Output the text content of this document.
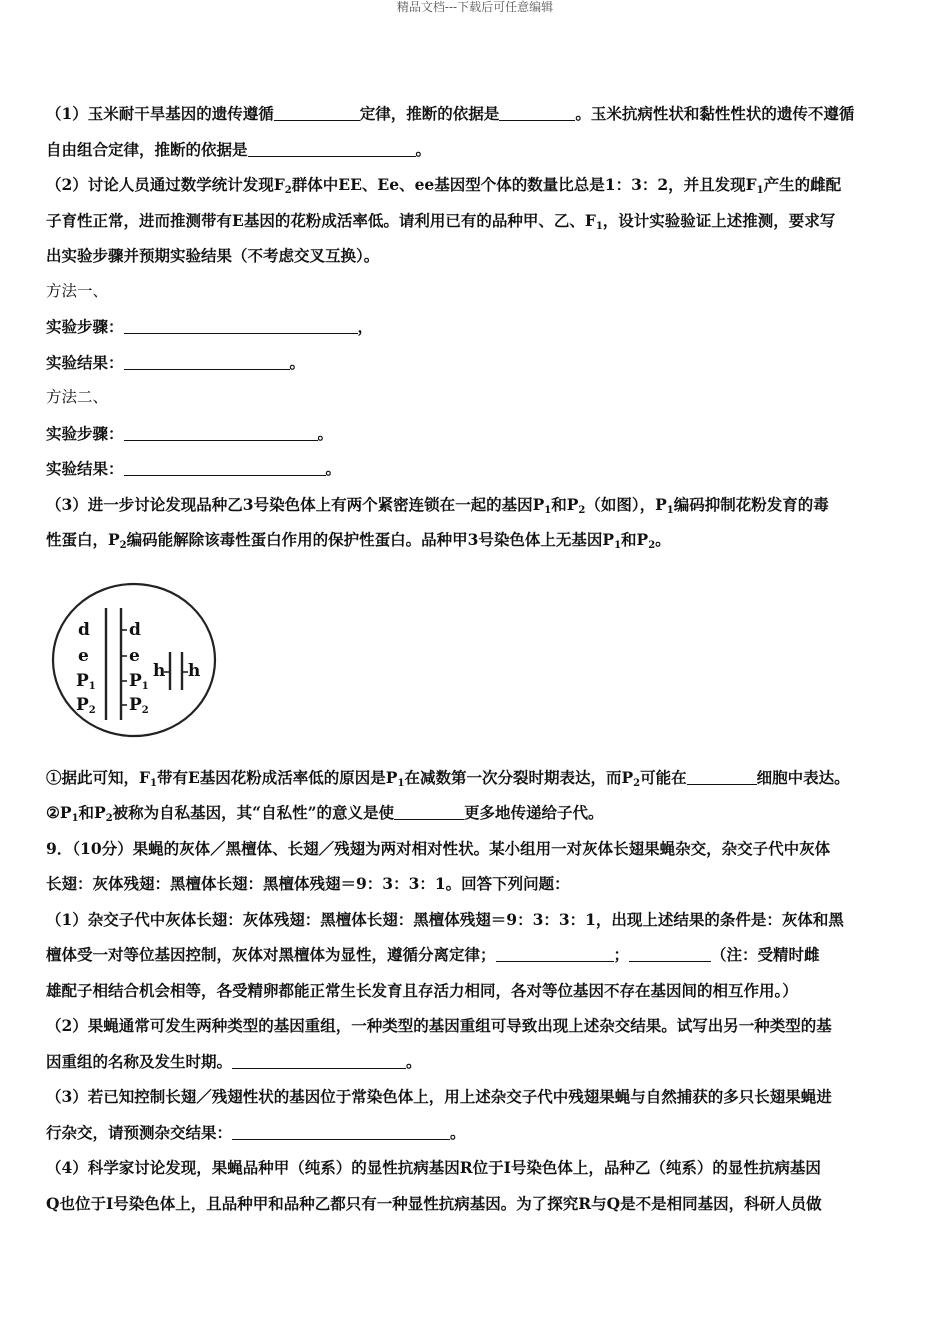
精品文档---下载后可任意编辑
（1）玉米耐干旱基因的遗传遵循	定律，推断的依据是	。玉米抗病性状和黏性性状的遗传不遵循
自由组合定律，推断的依据是	。
（2）讨论人员通过数学统计发现$F_2$群体中EE、Ee、ee基因型个体的数量比总是1：3：2，并且发现$F_1$产生的雌配
子育性正常，进而推测带有E基因的花粉成活率低。请利用已有的品种甲、乙、$F_1$，设计实验验证上述推测，要求写
出实验步骤并预期实验结果（不考虑交叉互换）。
方法一、
实验步骤：	，
实验结果：	。
方法二、
实验步骤：	。
实验结果：	。
（3）进一步讨论发现品种乙3号染色体上有两个紧密连锁在一起的基因$P_1$和$P_2$（如图），$P_1$编码抑制花粉发育的毒
性蛋白，$P_2$编码能解除该毒性蛋白作用的保护性蛋白。品种甲3号染色体上无基因$P_1$和$P_2$。
d
e
$P_1$
$P_2$
d
e
$P_1$
$P_2$
h h
①据此可知，$F_1$带有E基因花粉成活率低的原因是$P_1$在减数第一次分裂时期表达，而$P_2$可能在	细胞中表达。
$②P_1$和$P_2$被称为自私基因，其“自私性”的意义是使	更多地传递给子代。
9．（10分）果蝇的灰体／黑檀体、长翅／残翅为两对相对性状。某小组用一对灰体长翅果蝇杂交，杂交子代中灰体
长翅：灰体残翅：黑檀体长翅：黑檀体残翅＝9：3：3：1。回答下列问题：
（1）杂交子代中灰体长翅：灰体残翅：黑檀体长翅：黑檀体残翅＝9：3：3：1，出现上述结果的条件是：灰体和黑
檀体受一对等位基因控制，灰体对黑檀体为显性，遵循分离定律；	；	（注：受精时雌
雄配子相结合机会相等，各受精卵都能正常生长发育且存活力相同，各对等位基因不存在基因间的相互作用。）
（2）果蝇通常可发生两种类型的基因重组，一种类型的基因重组可导致出现上述杂交结果。试写出另一种类型的基
因重组的名称及发生时期。	。
（3）若已知控制长翅／残翅性状的基因位于常染色体上，用上述杂交子代中残翅果蝇与自然捕获的多只长翅果蝇进
行杂交，请预测杂交结果：	。
（4）科学家讨论发现，果蝇品种甲（纯系）的显性抗病基因R位于Ⅰ号染色体上，品种乙（纯系）的显性抗病基因
Q也位于Ⅰ号染色体上，且品种甲和品种乙都只有一种显性抗病基因。为了探究R与Q是不是相同基因，科研人员做
